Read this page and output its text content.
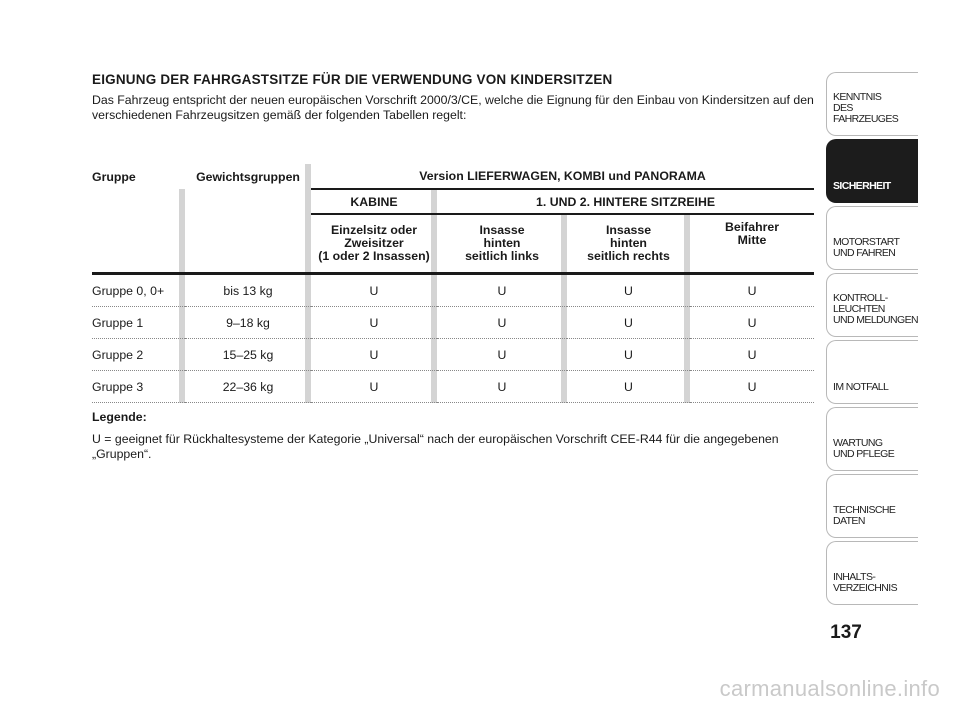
EIGNUNG DER FAHRGASTSITZE FÜR DIE VERWENDUNG VON KINDERSITZEN

Das Fahrzeug entspricht der neuen europäischen Vorschrift 2000/3/CE, welche die Eignung für den Einbau von Kindersitzen auf den verschiedenen Fahrzeugsitzen gemäß der folgenden Tabellen regelt:

Gruppe	Gewichtsgruppen	Version LIEFERWAGEN, KOMBI und PANORAMA			
		KABINE	1. UND 2. HINTERE SITZREIHE		
		Einzelsitz oder
Zweisitzer
(1 oder 2 Insassen)	Insasse
hinten
seitlich links	Insasse
hinten
seitlich rechts	Beifahrer
Mitte
Gruppe 0, 0+	bis 13 kg	U	U	U	U
Gruppe 1	9–18 kg	U	U	U	U
Gruppe 2	15–25 kg	U	U	U	U
Gruppe 3	22–36 kg	U	U	U	U
Legende:
U = geeignet für Rückhaltesysteme der Kategorie „Universal“ nach der europäischen Vorschrift CEE-R44 für die angegebenen „Gruppen“.
KENNTNIS
DES FAHRZEUGES
SICHERHEIT
MOTORSTART
UND FAHREN
KONTROLL-
LEUCHTEN
UND MELDUNGEN
IM NOTFALL
WARTUNG
UND PFLEGE
TECHNISCHE
DATEN
INHALTS-
VERZEICHNIS
137
carmanualsonline.info
